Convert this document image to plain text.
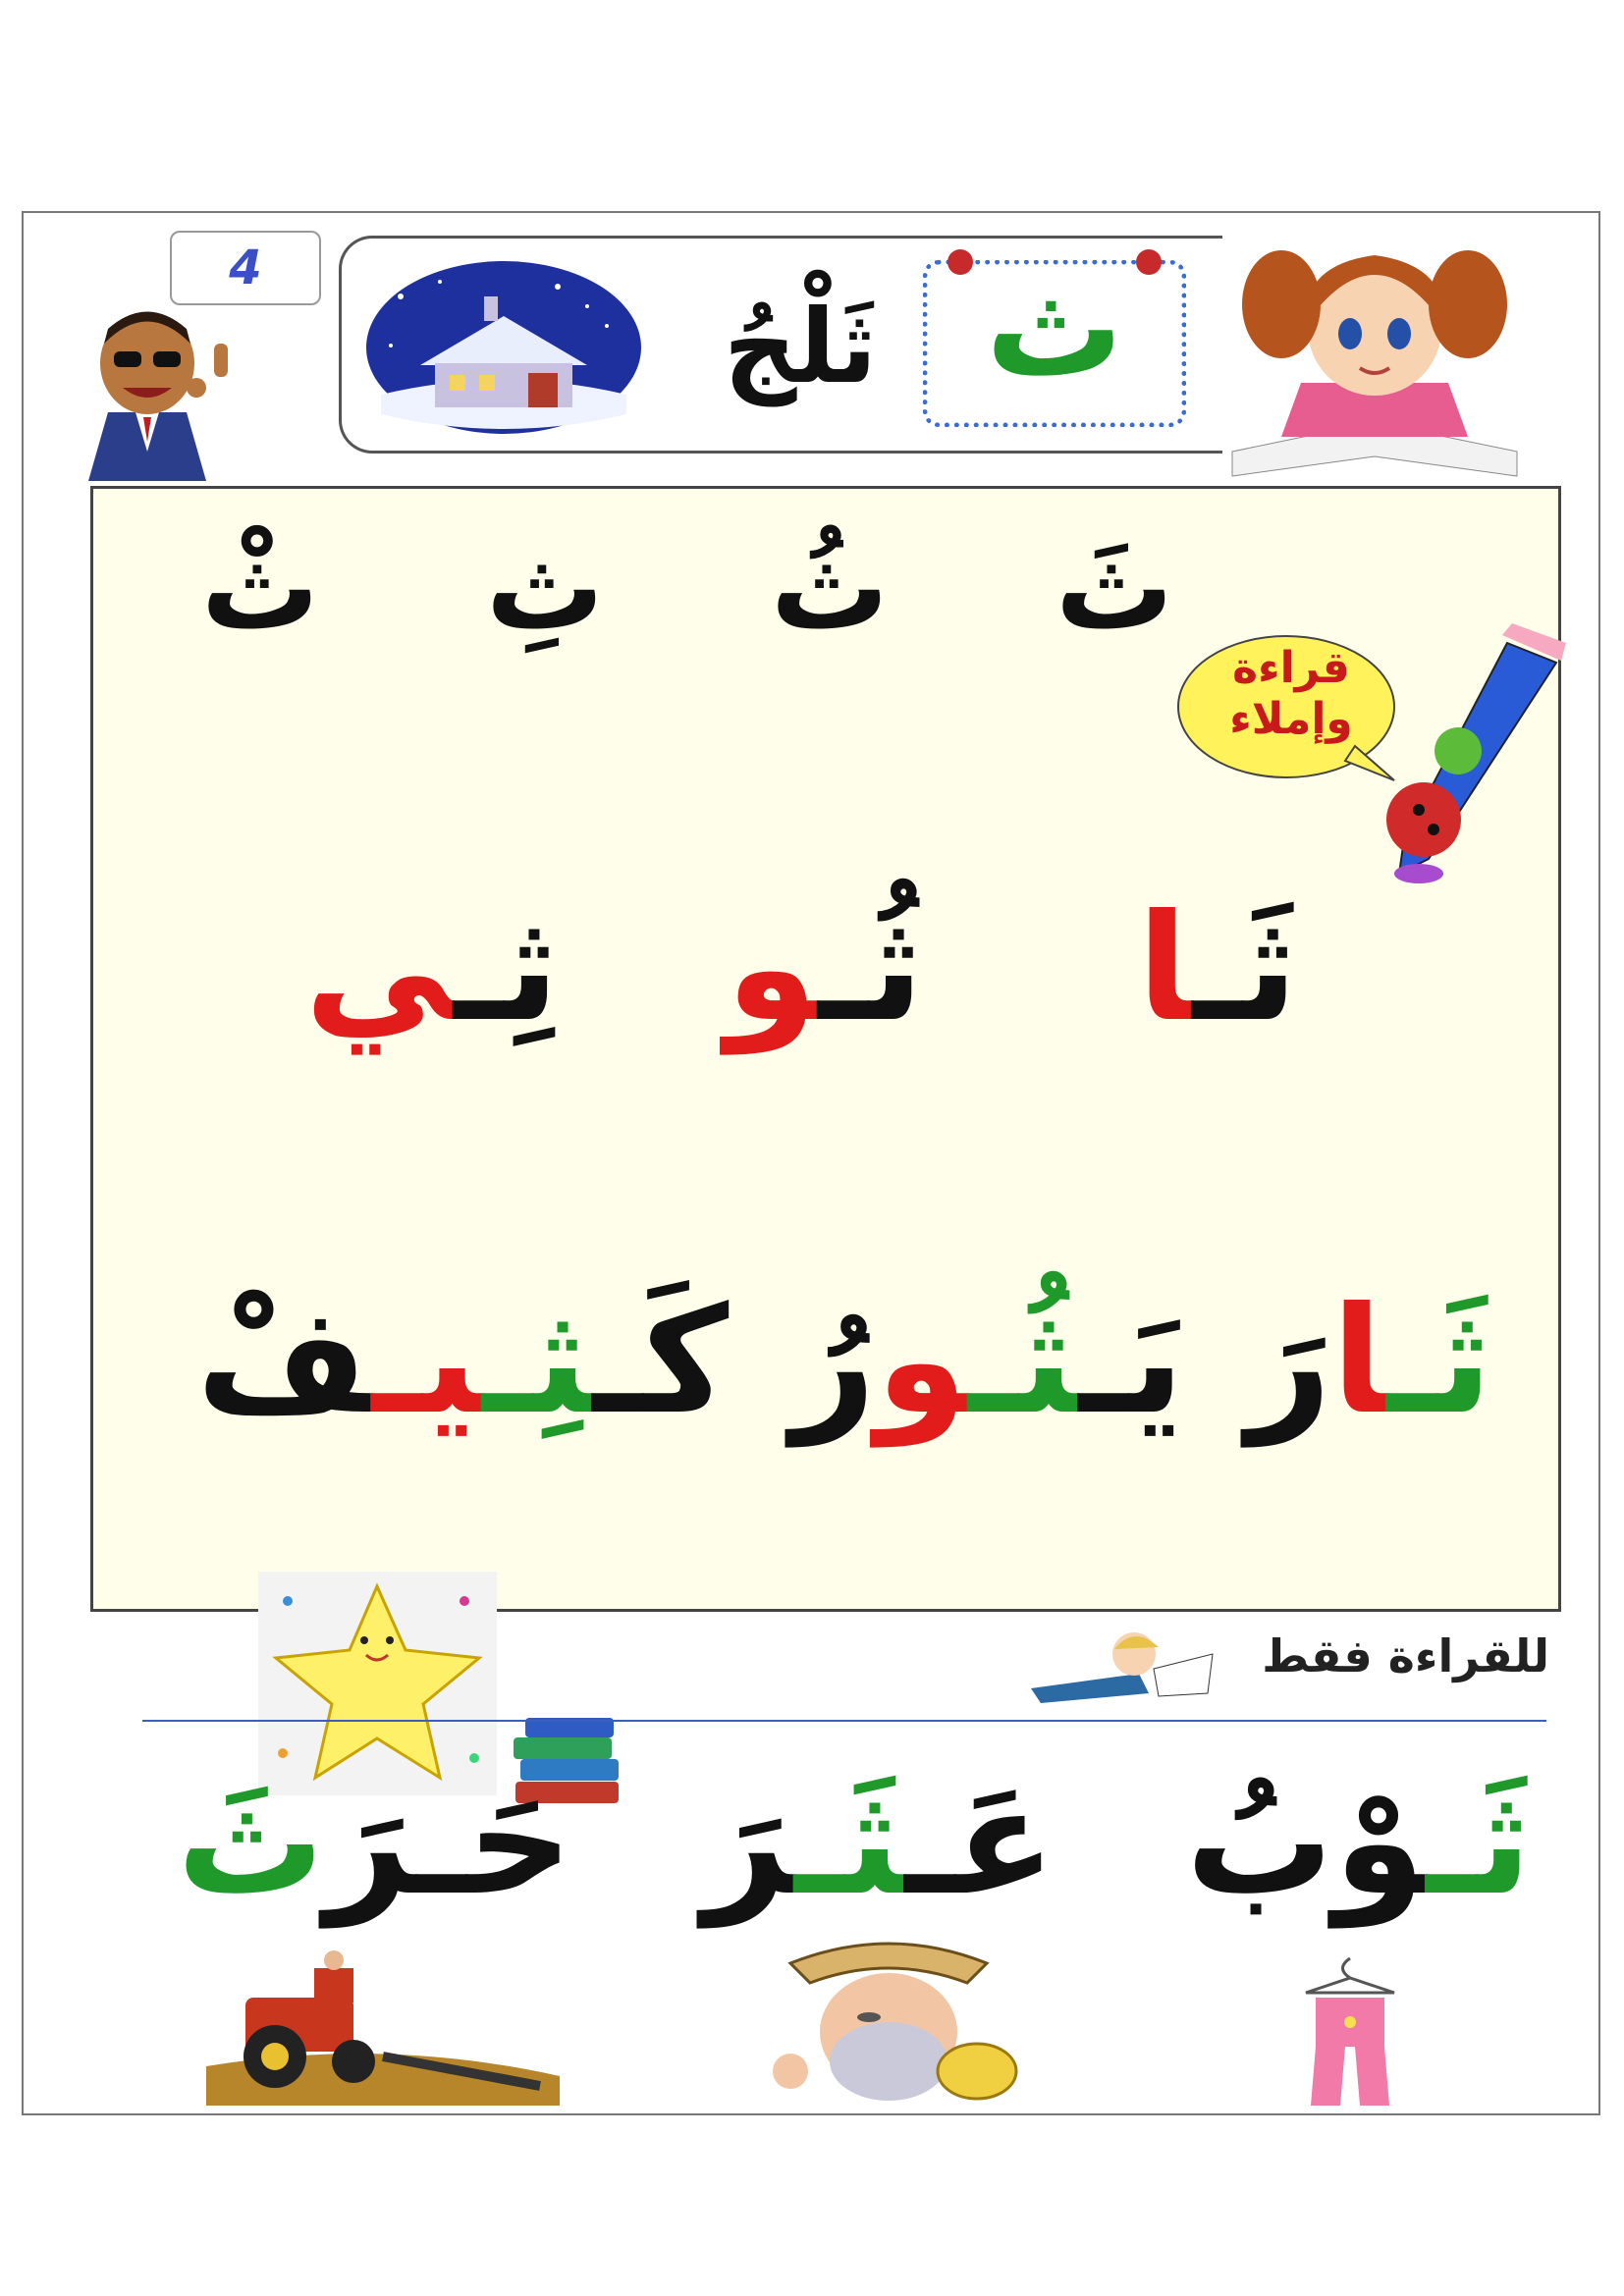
4
ثَلْجُ ث
ثَ
ثُ
ثِ
ثْ
قراءة
وإملاء
ثَـا
ثُـو
ثِـي
ثَـارَ
يَـثُـورُ
كَـثِـيـفْ
للقراءة فقط
ثَـوْبُ
عَـثَـرَ
حَـرَثَ
